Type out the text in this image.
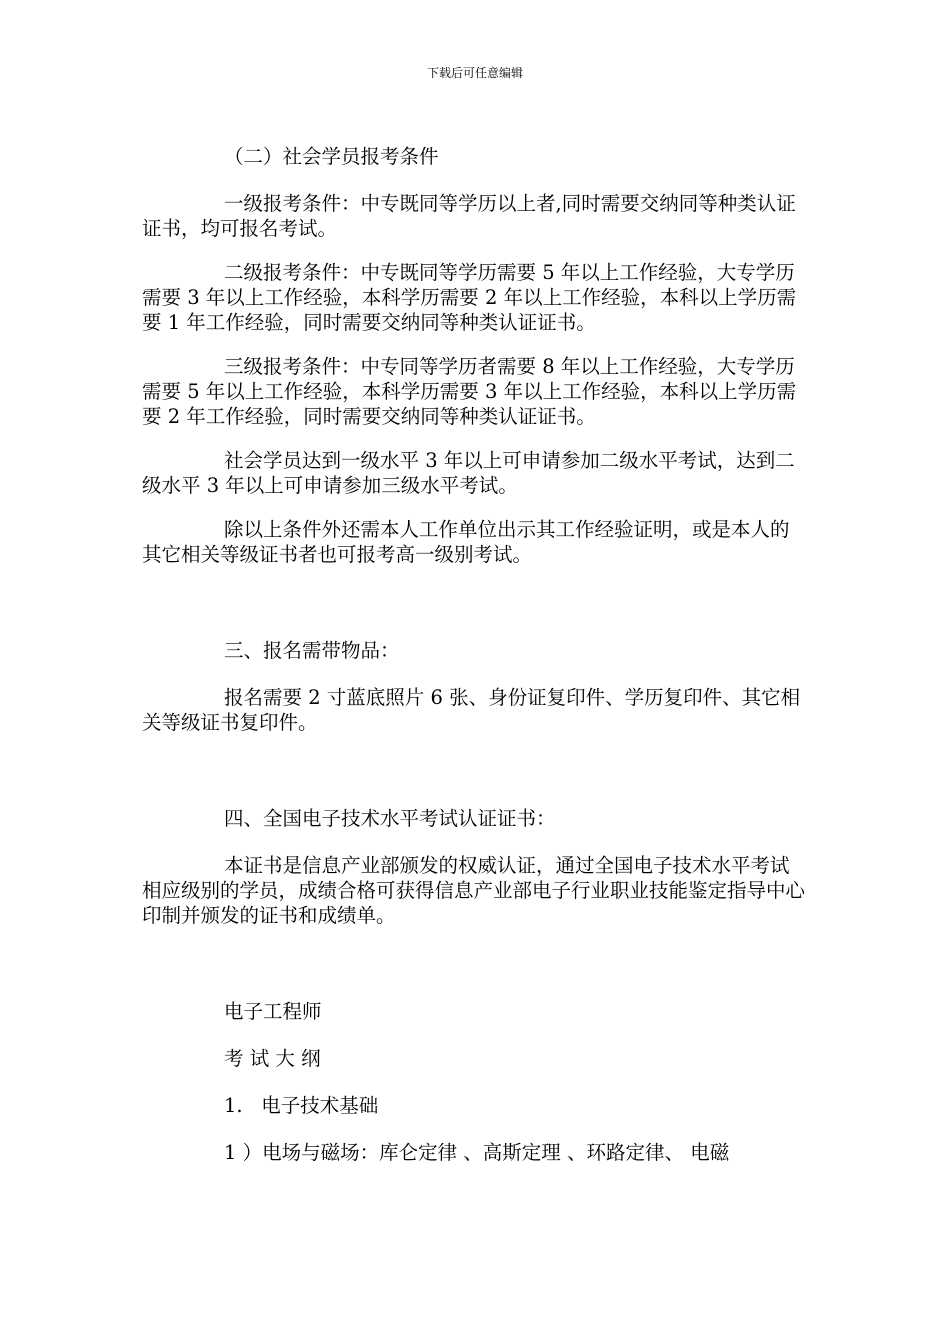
下载后可任意编辑
（二）社会学员报考条件
一级报考条件：中专既同等学历以上者,同时需要交纳同等种类认证证书，均可报名考试。
二级报考条件：中专既同等学历需要 5 年以上工作经验，大专学历需要 3 年以上工作经验，本科学历需要 2 年以上工作经验，本科以上学历需要 1 年工作经验，同时需要交纳同等种类认证证书。
三级报考条件：中专同等学历者需要 8 年以上工作经验，大专学历需要 5 年以上工作经验，本科学历需要 3 年以上工作经验，本科以上学历需要 2 年工作经验，同时需要交纳同等种类认证证书。
社会学员达到一级水平 3 年以上可申请参加二级水平考试，达到二级水平 3 年以上可申请参加三级水平考试。
除以上条件外还需本人工作单位出示其工作经验证明，或是本人的其它相关等级证书者也可报考高一级别考试。
三、报名需带物品：
报名需要 2 寸蓝底照片 6 张、身份证复印件、学历复印件、其它相关等级证书复印件。
四、全国电子技术水平考试认证证书：
本证书是信息产业部颁发的权威认证，通过全国电子技术水平考试相应级别的学员，成绩合格可获得信息产业部电子行业职业技能鉴定指导中心印制并颁发的证书和成绩单。
电子工程师
考 试 大 纲
1.   电子技术基础
1 ）电场与磁场：库仑定律 、高斯定理 、环路定律、 电磁
